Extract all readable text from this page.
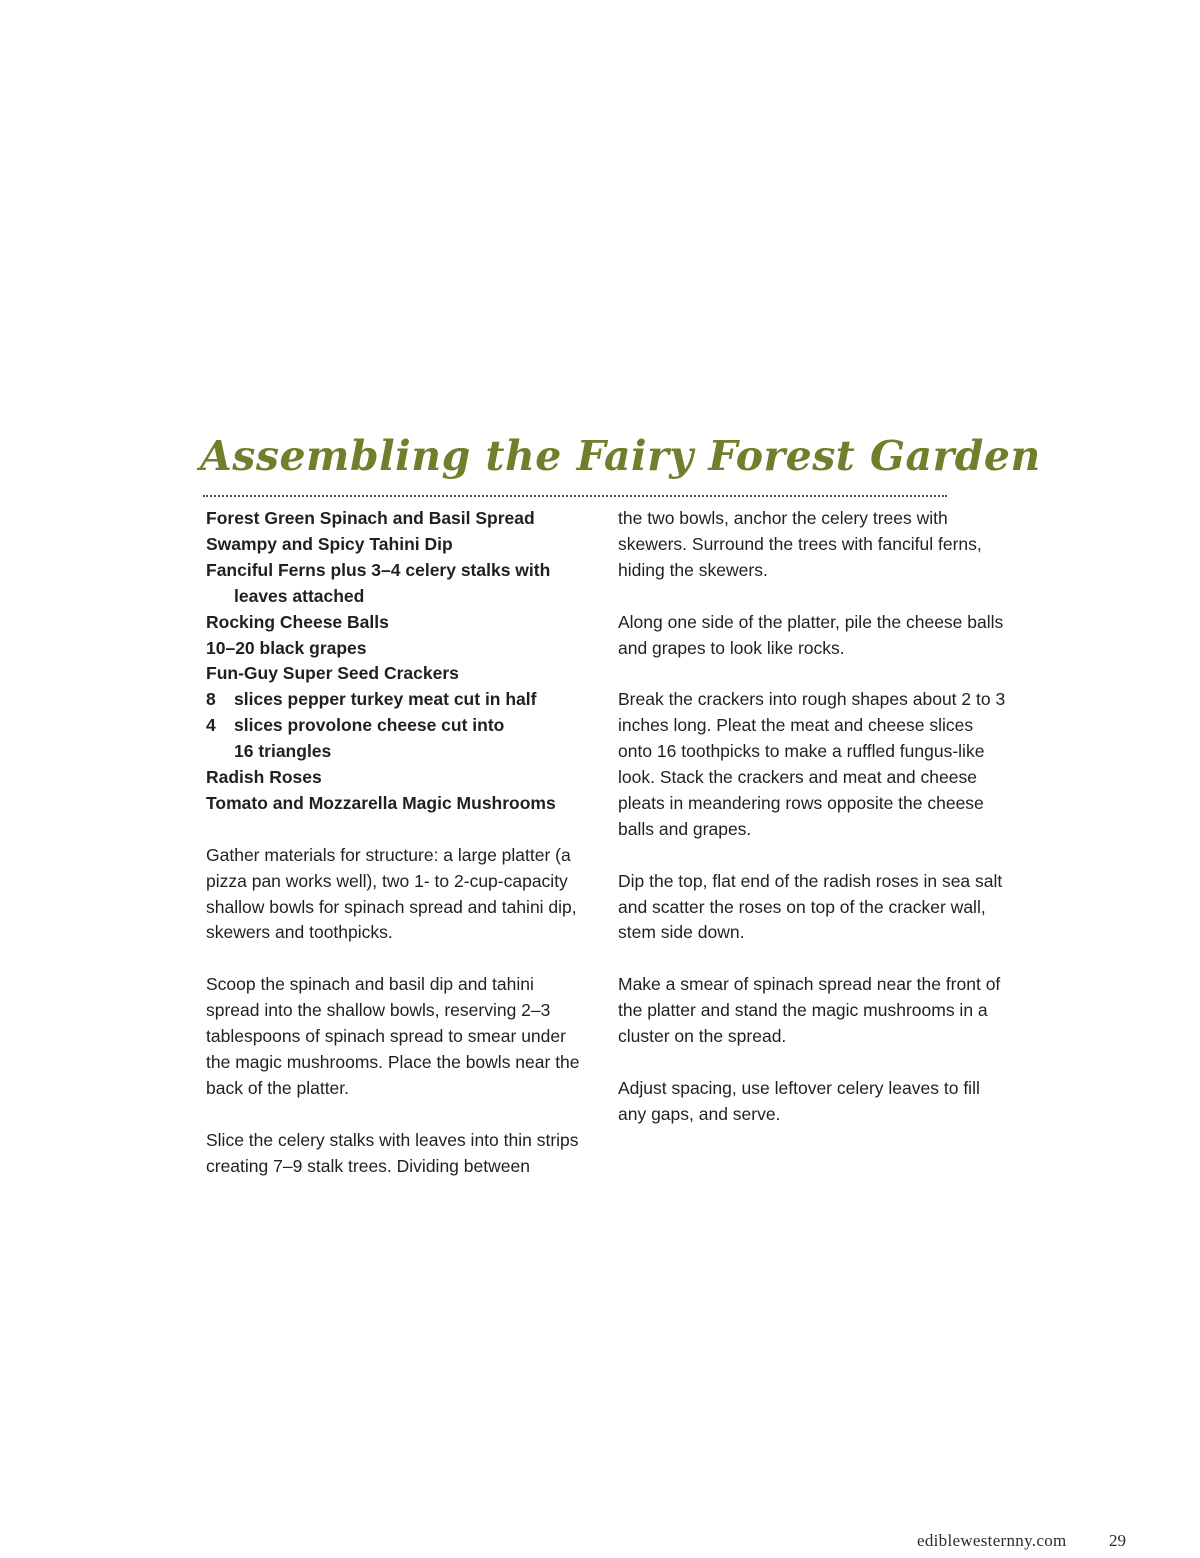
Assembling the Fairy Forest Garden
Forest Green Spinach and Basil Spread
Swampy and Spicy Tahini Dip
Fanciful Ferns plus 3–4 celery stalks with
leaves attached
Rocking Cheese Balls
10–20 black grapes
Fun-Guy Super Seed Crackers
8 slices pepper turkey meat cut in half
4 slices provolone cheese cut into
16 triangles
Radish Roses
Tomato and Mozzarella Magic Mushrooms

Gather materials for structure: a large platter (a pizza pan works well), two 1- to 2-cup-capacity shallow bowls for spinach spread and tahini dip, skewers and toothpicks.

Scoop the spinach and basil dip and tahini spread into the shallow bowls, reserving 2–3 tablespoons of spinach spread to smear under the magic mushrooms. Place the bowls near the back of the platter.

Slice the celery stalks with leaves into thin strips creating 7–9 stalk trees. Dividing between

the two bowls, anchor the celery trees with skewers. Surround the trees with fanciful ferns, hiding the skewers.

Along one side of the platter, pile the cheese balls and grapes to look like rocks.

Break the crackers into rough shapes about 2 to 3 inches long. Pleat the meat and cheese slices onto 16 toothpicks to make a ruffled fungus-like look. Stack the crackers and meat and cheese pleats in meandering rows opposite the cheese balls and grapes.

Dip the top, flat end of the radish roses in sea salt and scatter the roses on top of the cracker wall, stem side down.

Make a smear of spinach spread near the front of the platter and stand the magic mushrooms in a cluster on the spread.

Adjust spacing, use leftover celery leaves to fill any gaps, and serve.

ediblewesternny.com 29
